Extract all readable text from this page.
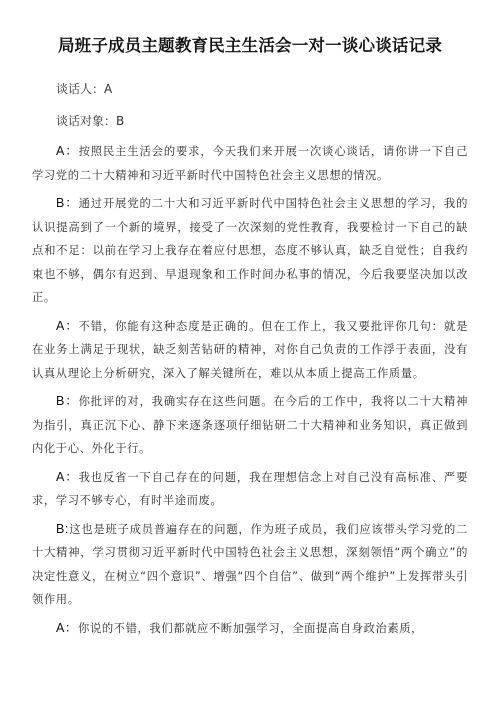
局班子成员主题教育民主生活会一对一谈心谈话记录

谈话人：A

谈话对象：B

A：按照民主生活会的要求，今天我们来开展一次谈心谈话，请你讲一下自己学习党的二十大精神和习近平新时代中国特色社会主义思想的情况。

B：通过开展党的二十大和习近平新时代中国特色社会主义思想的学习，我的认识提高到了一个新的境界，接受了一次深刻的党性教育，我要检讨一下自己的缺点和不足：以前在学习上我存在着应付思想，态度不够认真，缺乏自觉性；自我约束也不够，偶尔有迟到、早退现象和工作时间办私事的情况，今后我要坚决加以改正。

A：不错，你能有这种态度是正确的。但在工作上，我又要批评你几句：就是在业务上满足于现状，缺乏刻苦钻研的精神，对你自己负责的工作浮于表面，没有认真从理论上分析研究，深入了解关键所在，难以从本质上提高工作质量。

B：你批评的对，我确实存在这些问题。在今后的工作中，我将以二十大精神为指引，真正沉下心、静下来逐条逐项仔细钻研二十大精神和业务知识，真正做到内化于心、外化于行。

A：我也反省一下自己存在的问题，我在理想信念上对自己没有高标准、严要求，学习不够专心，有时半途而废。

B:这也是班子成员普遍存在的问题，作为班子成员，我们应该带头学习党的二十大精神，学习贯彻习近平新时代中国特色社会主义思想，深刻领悟“两个确立”的决定性意义，在树立“四个意识”、增强“四个自信”、做到“两个维护”上发挥带头引领作用。

A：你说的不错，我们都就应不断加强学习，全面提高自身政治素质，
